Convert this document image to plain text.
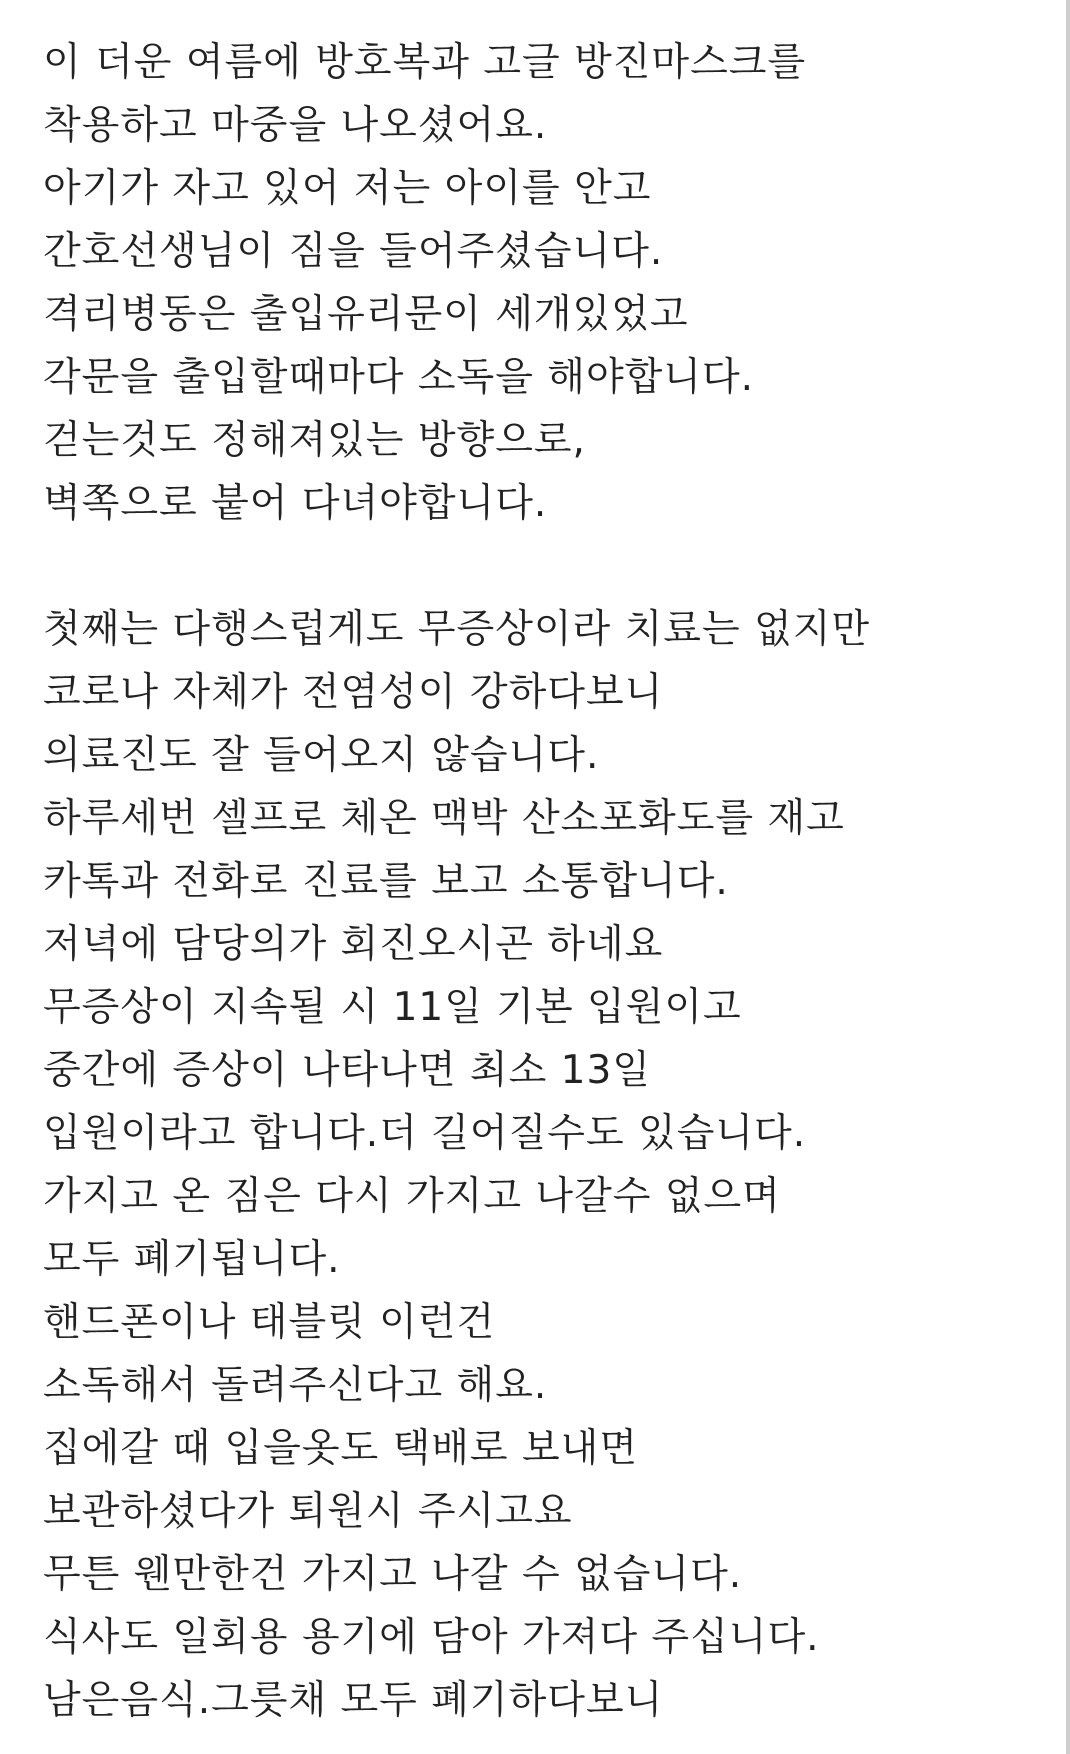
이 더운 여름에 방호복과 고글 방진마스크를
착용하고 마중을 나오셨어요.
아기가 자고 있어 저는 아이를 안고
간호선생님이 짐을 들어주셨습니다.
격리병동은 출입유리문이 세개있었고
각문을 출입할때마다 소독을 해야합니다.
걷는것도 정해져있는 방향으로,
벽쪽으로 붙어 다녀야합니다.
첫째는 다행스럽게도 무증상이라 치료는 없지만
코로나 자체가 전염성이 강하다보니
의료진도 잘 들어오지 않습니다.
하루세번 셀프로 체온 맥박 산소포화도를 재고
카톡과 전화로 진료를 보고 소통합니다.
저녁에 담당의가 회진오시곤 하네요
무증상이 지속될 시 11일 기본 입원이고
중간에 증상이 나타나면 최소 13일
입원이라고 합니다.더 길어질수도 있습니다.
가지고 온 짐은 다시 가지고 나갈수 없으며
모두 폐기됩니다.
핸드폰이나 태블릿 이런건
소독해서 돌려주신다고 해요.
집에갈 때 입을옷도 택배로 보내면
보관하셨다가 퇴원시 주시고요
무튼 웬만한건 가지고 나갈 수 없습니다.
식사도 일회용 용기에 담아 가져다 주십니다.
남은음식.그릇채 모두 폐기하다보니
